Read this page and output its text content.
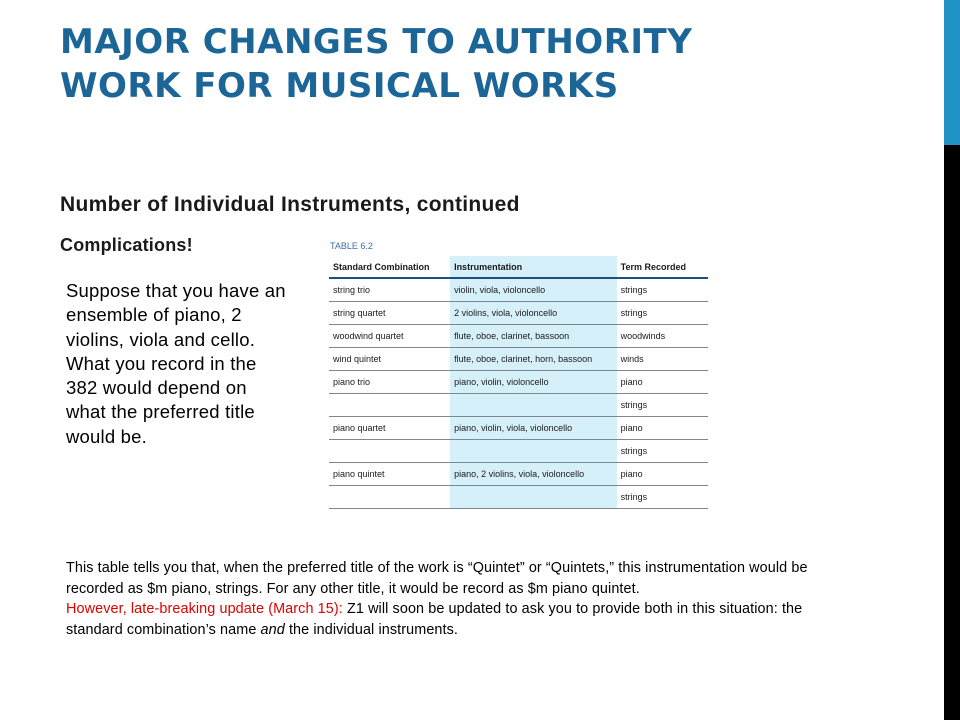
MAJOR CHANGES TO AUTHORITY WORK FOR MUSICAL WORKS

Number of Individual Instruments, continued

Complications!

Suppose that you have an ensemble of piano, 2 violins, viola and cello. What you record in the 382 would depend on what the preferred title would be.

TABLE 6.2
Standard Combination	Instrumentation	Term Recorded
string trio	violin, viola, violoncello	strings
string quartet	2 violins, viola, violoncello	strings
woodwind quartet	flute, oboe, clarinet, bassoon	woodwinds
wind quintet	flute, oboe, clarinet, horn, bassoon	winds
piano trio	piano, violin, violoncello	piano
		strings
piano quartet	piano, violin, viola, violoncello	piano
		strings
piano quintet	piano, 2 violins, viola, violoncello	piano
		strings

This table tells you that, when the preferred title of the work is “Quintet” or “Quintets,” this instrumentation would be recorded as $m piano, strings. For any other title, it would be record as $m piano quintet.
However, late-breaking update (March 15): Z1 will soon be updated to ask you to provide both in this situation: the standard combination’s name and the individual instruments.
